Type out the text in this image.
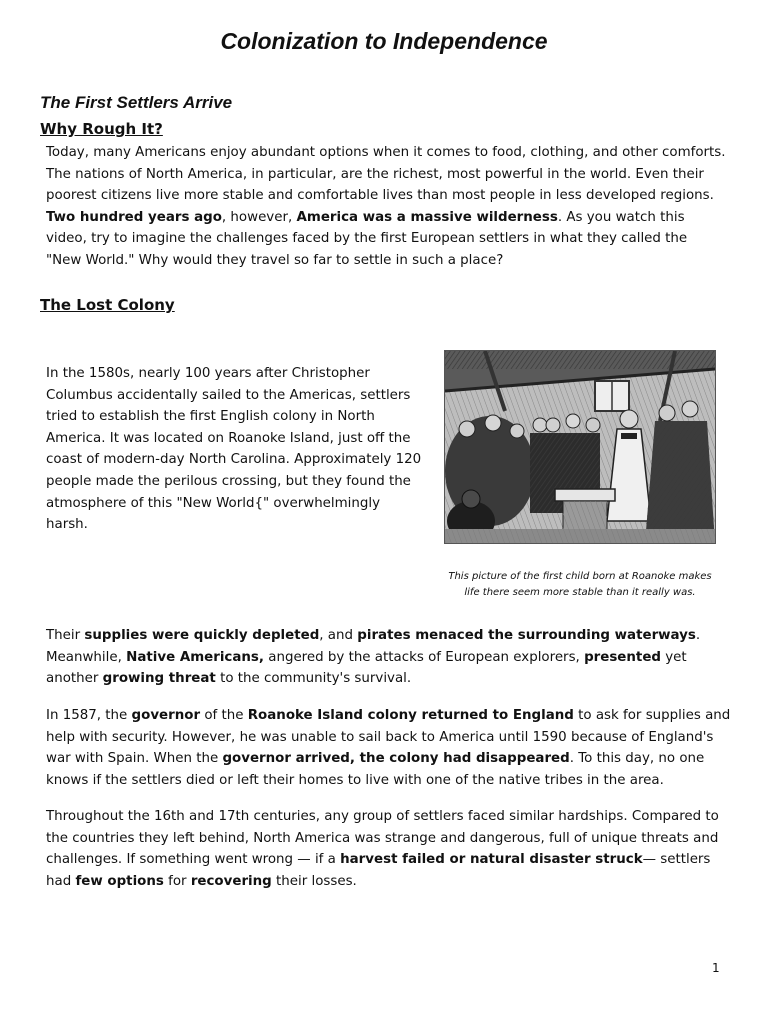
Colonization to Independence
The First Settlers Arrive
Why Rough It?

Today, many Americans enjoy abundant options when it comes to food, clothing, and other comforts. The nations of North America, in particular, are the richest, most powerful in the world. Even their poorest citizens live more stable and comfortable lives than most people in less developed regions. Two hundred years ago, however, America was a massive wilderness. As you watch this video, try to imagine the challenges faced by the first European settlers in what they called the "New World." Why would they travel so far to settle in such a place?

The Lost Colony

In the 1580s, nearly 100 years after Christopher Columbus accidentally sailed to the Americas, settlers tried to establish the first English colony in North America. It was located on Roanoke Island, just off the coast of modern-day North Carolina. Approximately 120 people made the perilous crossing, but they found the atmosphere of this "New World{" overwhelmingly harsh.

This picture of the first child born at Roanoke makes life there seem more stable than it really was.

Their supplies were quickly depleted, and pirates menaced the surrounding waterways. Meanwhile, Native Americans, angered by the attacks of European explorers, presented yet another growing threat to the community's survival.

In 1587, the governor of the Roanoke Island colony returned to England to ask for supplies and help with security. However, he was unable to sail back to America until 1590 because of England's war with Spain. When the governor arrived, the colony had disappeared. To this day, no one knows if the settlers died or left their homes to live with one of the native tribes in the area.

Throughout the 16th and 17th centuries, any group of settlers faced similar hardships. Compared to the countries they left behind, North America was strange and dangerous, full of unique threats and challenges. If something went wrong — if a harvest failed or natural disaster struck— settlers had few options for recovering their losses.

1
